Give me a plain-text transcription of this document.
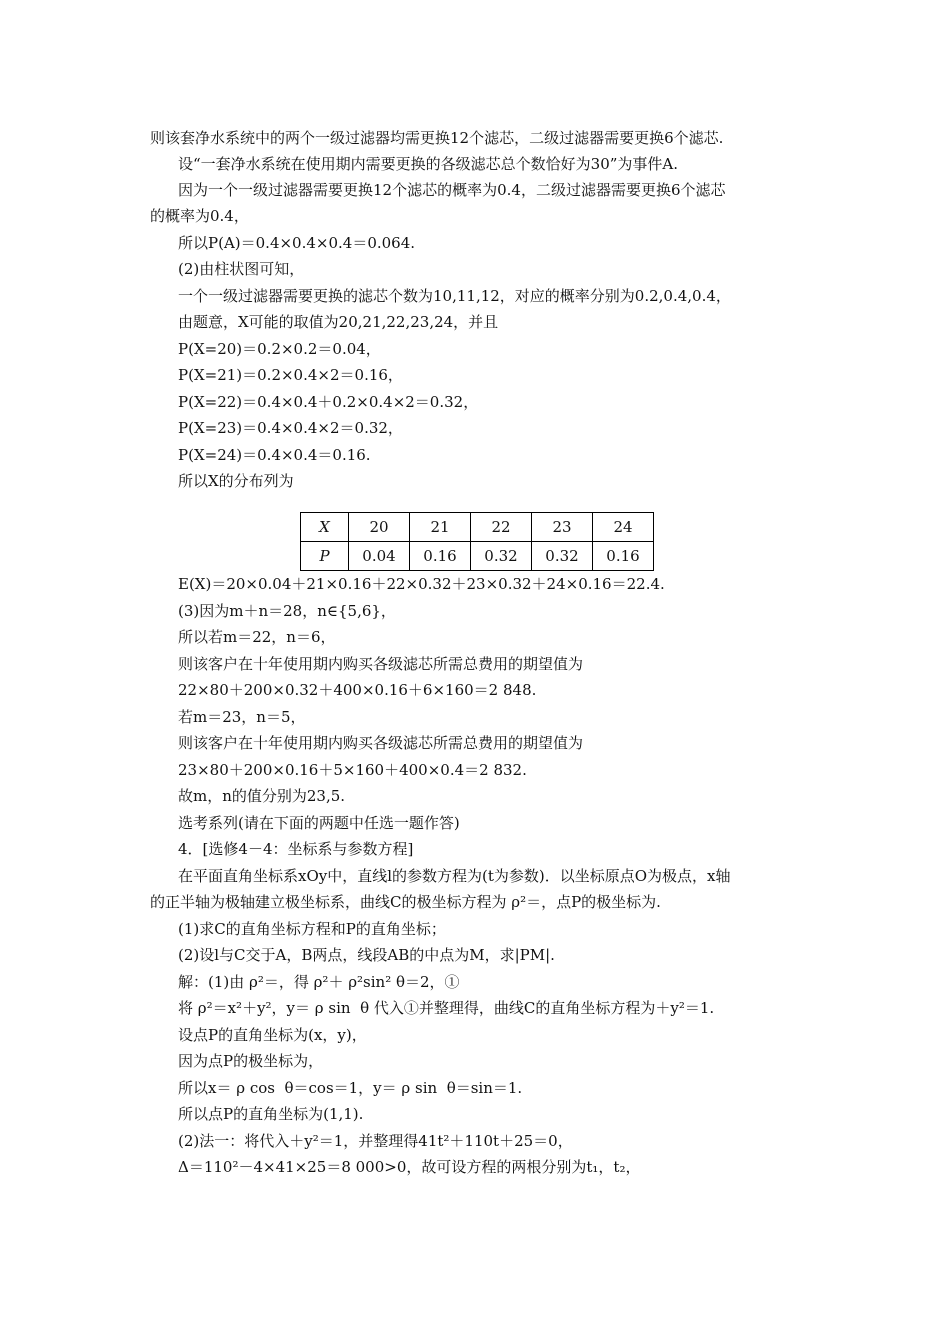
则该套净水系统中的两个一级过滤器均需更换12个滤芯，二级过滤器需要更换6个滤芯.
设“一套净水系统在使用期内需要更换的各级滤芯总个数恰好为30”为事件A.
因为一个一级过滤器需要更换12个滤芯的概率为0.4，二级过滤器需要更换6个滤芯
的概率为0.4，
所以P(A)＝0.4×0.4×0.4＝0.064.
(2)由柱状图可知，
一个一级过滤器需要更换的滤芯个数为10,11,12，对应的概率分别为0.2,0.4,0.4，
由题意，X可能的取值为20,21,22,23,24，并且
P(X=20)＝0.2×0.2＝0.04，
P(X=21)＝0.2×0.4×2＝0.16，
P(X=22)＝0.4×0.4＋0.2×0.4×2＝0.32，
P(X=23)＝0.4×0.4×2＝0.32，
P(X=24)＝0.4×0.4＝0.16.
所以X的分布列为
X	20	21	22	23	24
P	0.04	0.16	0.32	0.32	0.16
E(X)＝20×0.04＋21×0.16＋22×0.32＋23×0.32＋24×0.16＝22.4.
(3)因为m＋n＝28，n∈{5,6}，
所以若m＝22，n＝6，
则该客户在十年使用期内购买各级滤芯所需总费用的期望值为
22×80＋200×0.32＋400×0.16＋6×160＝2 848.
若m＝23，n＝5，
则该客户在十年使用期内购买各级滤芯所需总费用的期望值为
23×80＋200×0.16＋5×160＋400×0.4＝2 832.
故m，n的值分别为23,5.
选考系列(请在下面的两题中任选一题作答)
4．[选修4－4：坐标系与参数方程]
在平面直角坐标系xOy中，直线l的参数方程为(t为参数)．以坐标原点O为极点，x轴
的正半轴为极轴建立极坐标系，曲线C的极坐标方程为 ρ²＝，点P的极坐标为.
(1)求C的直角坐标方程和P的直角坐标；
(2)设l与C交于A，B两点，线段AB的中点为M，求|PM|.
解：(1)由 ρ²＝，得 ρ²＋ ρ²sin² θ＝2，①
将 ρ²＝x²＋y²，y＝ ρ sin  θ 代入①并整理得，曲线C的直角坐标方程为＋y²＝1.
设点P的直角坐标为(x，y)，
因为点P的极坐标为，
所以x＝ ρ cos  θ＝cos＝1，y＝ ρ sin  θ＝sin＝1.
所以点P的直角坐标为(1,1).
(2)法一：将代入＋y²＝1，并整理得41t²＋110t＋25＝0，
Δ＝110²－4×41×25＝8 000>0，故可设方程的两根分别为t₁，t₂，
